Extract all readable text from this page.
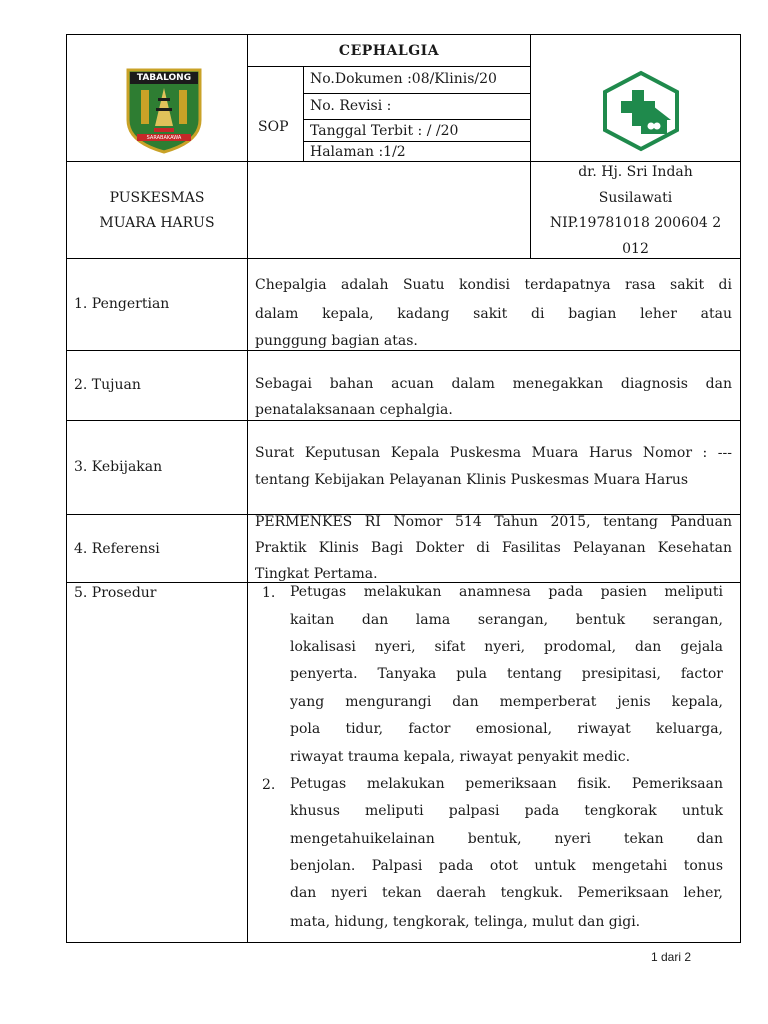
TABALONG
SARABAKAWA
CEPHALGIA
SOP
No.Dokumen :08/Klinis/20
No. Revisi :
Tanggal Terbit : / /20
Halaman :1/2
PUSKESMAS
MUARA HARUS
dr. Hj. Sri Indah
Susilawati
NIP.19781018 200604 2
012
1. Pengertian
Chepalgia adalah Suatu kondisi terdapatnya rasa sakit di
dalam kepala, kadang sakit di bagian leher atau
punggung bagian atas.
2. Tujuan	Sebagai bahan acuan dalam menegakkan diagnosis dan
penatalaksanaan cephalgia.
3. Kebijakan
Surat Keputusan Kepala Puskesma Muara Harus Nomor : ---
tentang Kebijakan Pelayanan Klinis Puskesmas Muara Harus
4. Referensi
PERMENKES RI Nomor 514 Tahun 2015, tentang Panduan
Praktik Klinis Bagi Dokter di Fasilitas Pelayanan Kesehatan
Tingkat Pertama.
5. Prosedur	1. Petugas melakukan anamnesa pada pasien meliputi
kaitan dan lama serangan, bentuk serangan,
lokalisasi nyeri, sifat nyeri, prodomal, dan gejala
penyerta. Tanyaka pula tentang presipitasi, factor
yang mengurangi dan memperberat jenis kepala,
pola tidur, factor emosional, riwayat keluarga,
riwayat trauma kepala, riwayat penyakit medic.
2. Petugas melakukan pemeriksaan fisik. Pemeriksaan
khusus meliputi palpasi pada tengkorak untuk
mengetahuikelainan bentuk, nyeri tekan dan
benjolan. Palpasi pada otot untuk mengetahi tonus
dan nyeri tekan daerah tengkuk. Pemeriksaan leher,
mata, hidung, tengkorak, telinga, mulut dan gigi.
1 dari 2
